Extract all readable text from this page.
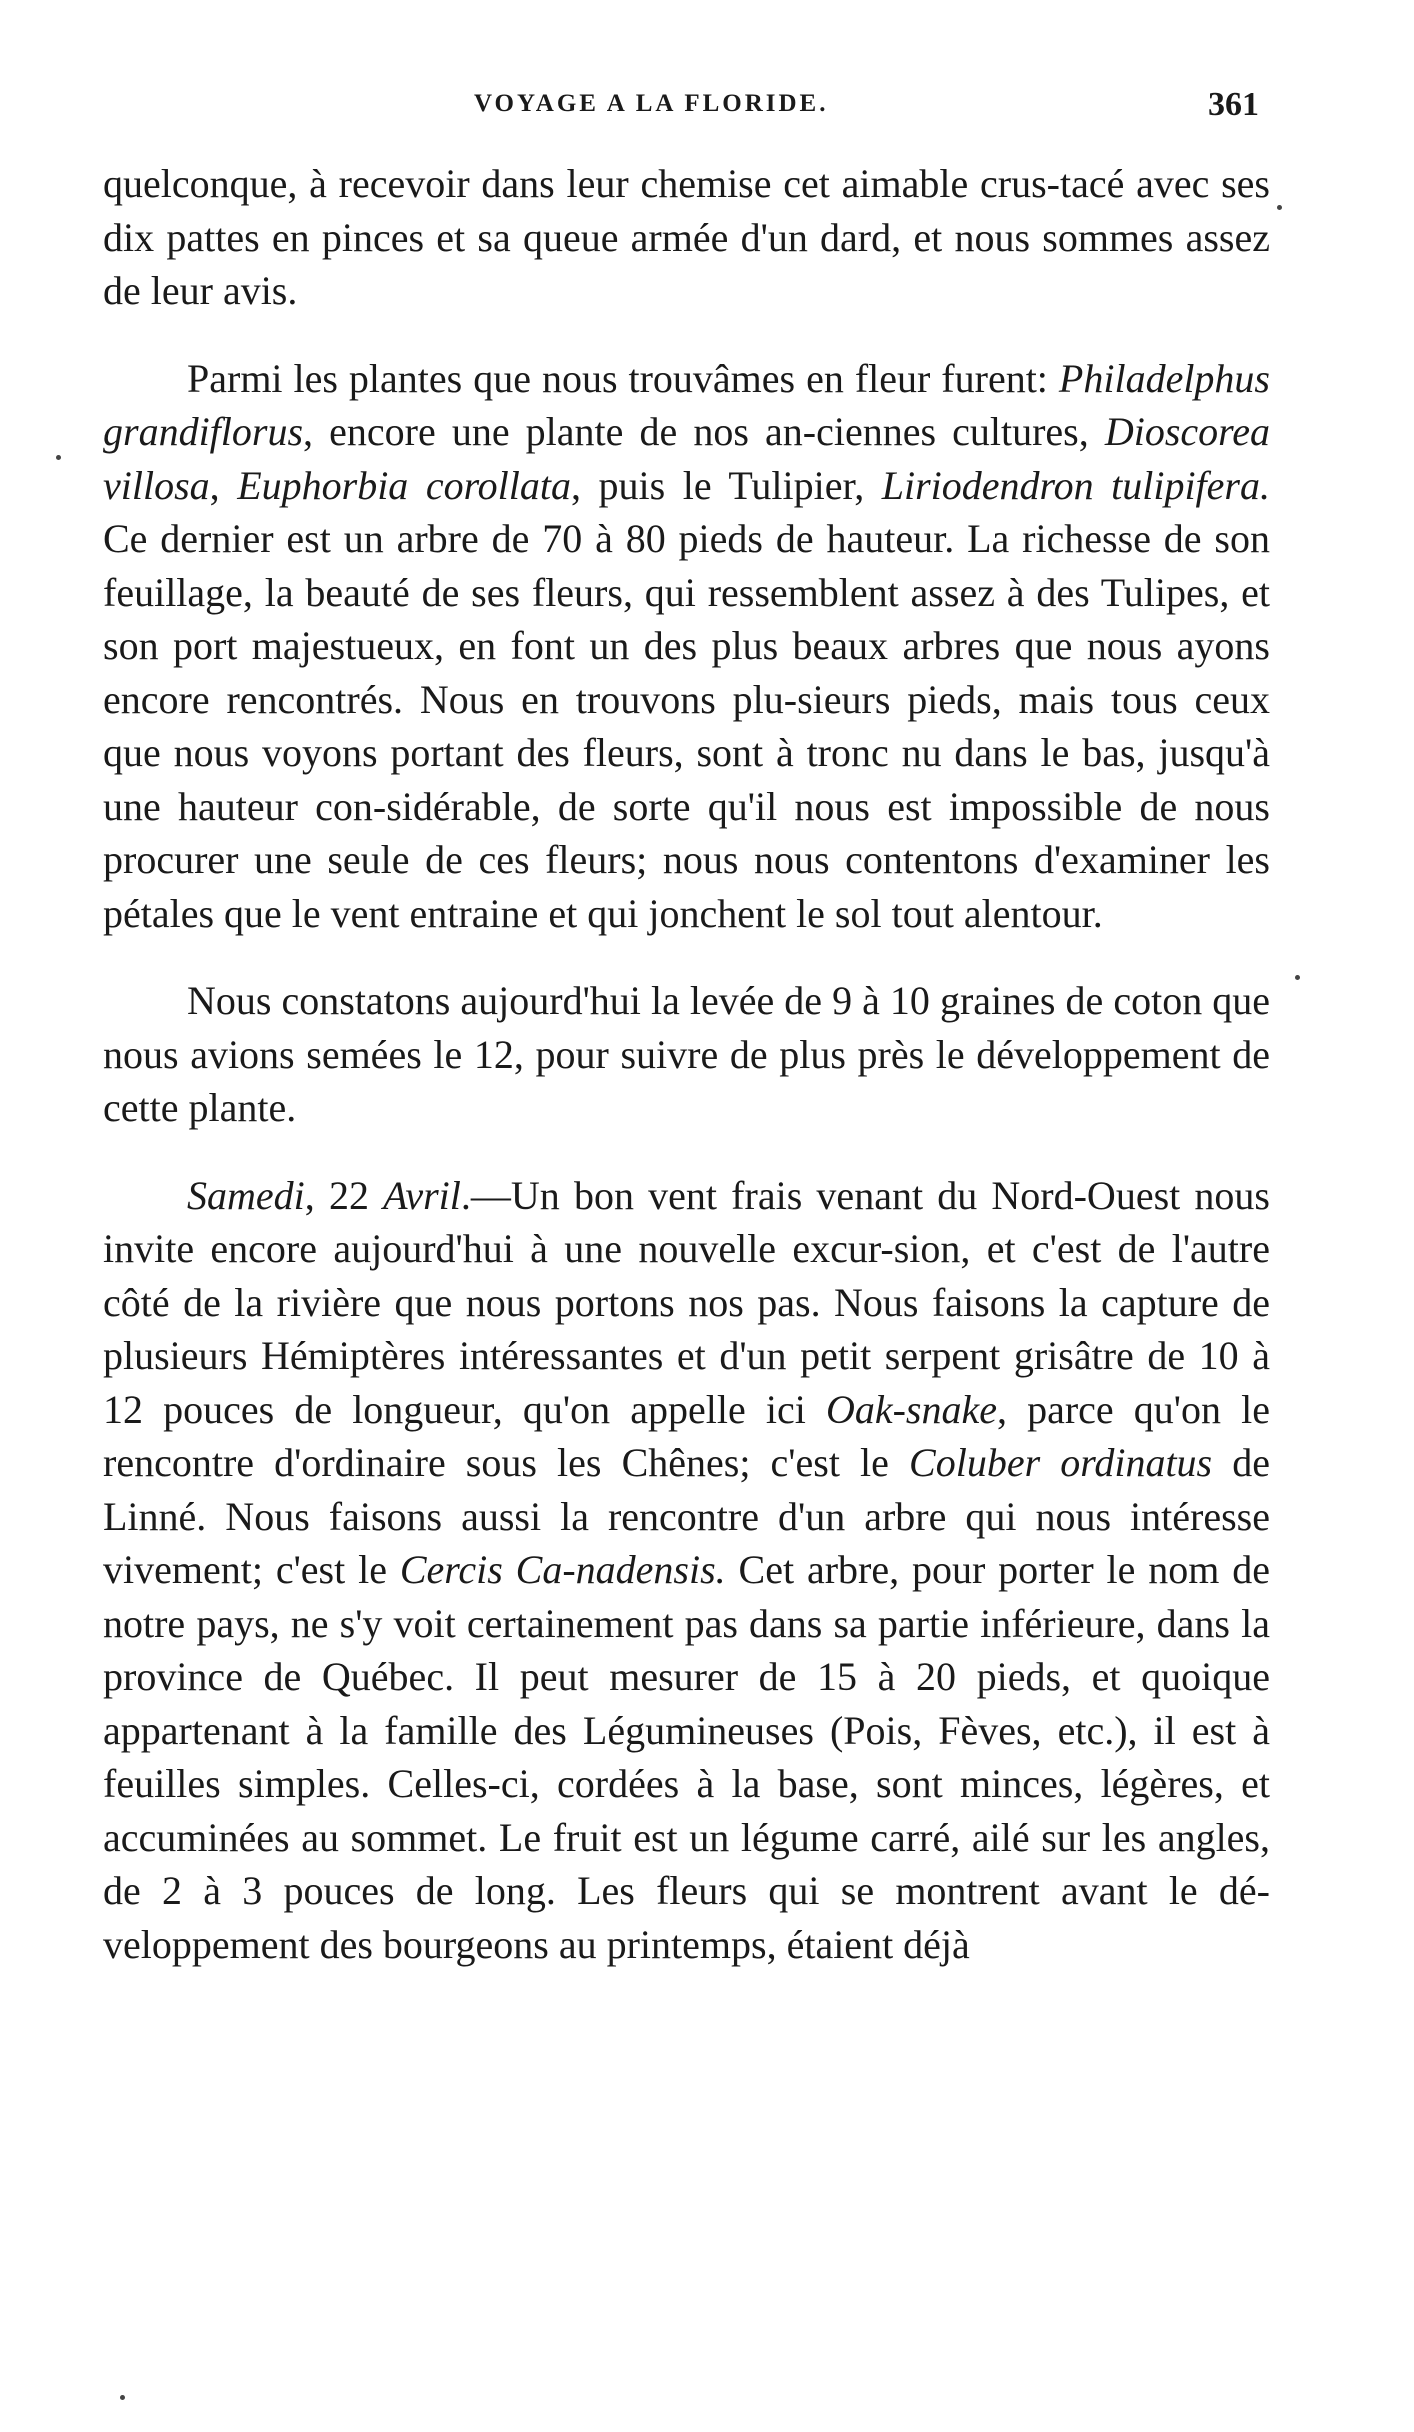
VOYAGE A LA FLORIDE.	361

quelconque, à recevoir dans leur chemise cet aimable crus-tacé avec ses dix pattes en pinces et sa queue armée d'un dard, et nous sommes assez de leur avis.

Parmi les plantes que nous trouvâmes en fleur furent: Philadelphus grandiflorus, encore une plante de nos an-ciennes cultures, Dioscorea villosa, Euphorbia corollata, puis le Tulipier, Liriodendron tulipifera. Ce dernier est un arbre de 70 à 80 pieds de hauteur. La richesse de son feuillage, la beauté de ses fleurs, qui ressemblent assez à des Tulipes, et son port majestueux, en font un des plus beaux arbres que nous ayons encore rencontrés. Nous en trouvons plu-sieurs pieds, mais tous ceux que nous voyons portant des fleurs, sont à tronc nu dans le bas, jusqu'à une hauteur con-sidérable, de sorte qu'il nous est impossible de nous procurer une seule de ces fleurs; nous nous contentons d'examiner les pétales que le vent entraine et qui jonchent le sol tout alentour.

Nous constatons aujourd'hui la levée de 9 à 10 graines de coton que nous avions semées le 12, pour suivre de plus près le développement de cette plante.

Samedi, 22 Avril.—Un bon vent frais venant du Nord-Ouest nous invite encore aujourd'hui à une nouvelle excur-sion, et c'est de l'autre côté de la rivière que nous portons nos pas. Nous faisons la capture de plusieurs Hémiptères intéressantes et d'un petit serpent grisâtre de 10 à 12 pouces de longueur, qu'on appelle ici Oak-snake, parce qu'on le rencontre d'ordinaire sous les Chênes; c'est le Coluber ordinatus de Linné. Nous faisons aussi la rencontre d'un arbre qui nous intéresse vivement; c'est le Cercis Ca-nadensis. Cet arbre, pour porter le nom de notre pays, ne s'y voit certainement pas dans sa partie inférieure, dans la province de Québec. Il peut mesurer de 15 à 20 pieds, et quoique appartenant à la famille des Légumineuses (Pois, Fèves, etc.), il est à feuilles simples. Celles-ci, cordées à la base, sont minces, légères, et accuminées au sommet. Le fruit est un légume carré, ailé sur les angles, de 2 à 3 pouces de long. Les fleurs qui se montrent avant le dé-veloppement des bourgeons au printemps, étaient déjà
